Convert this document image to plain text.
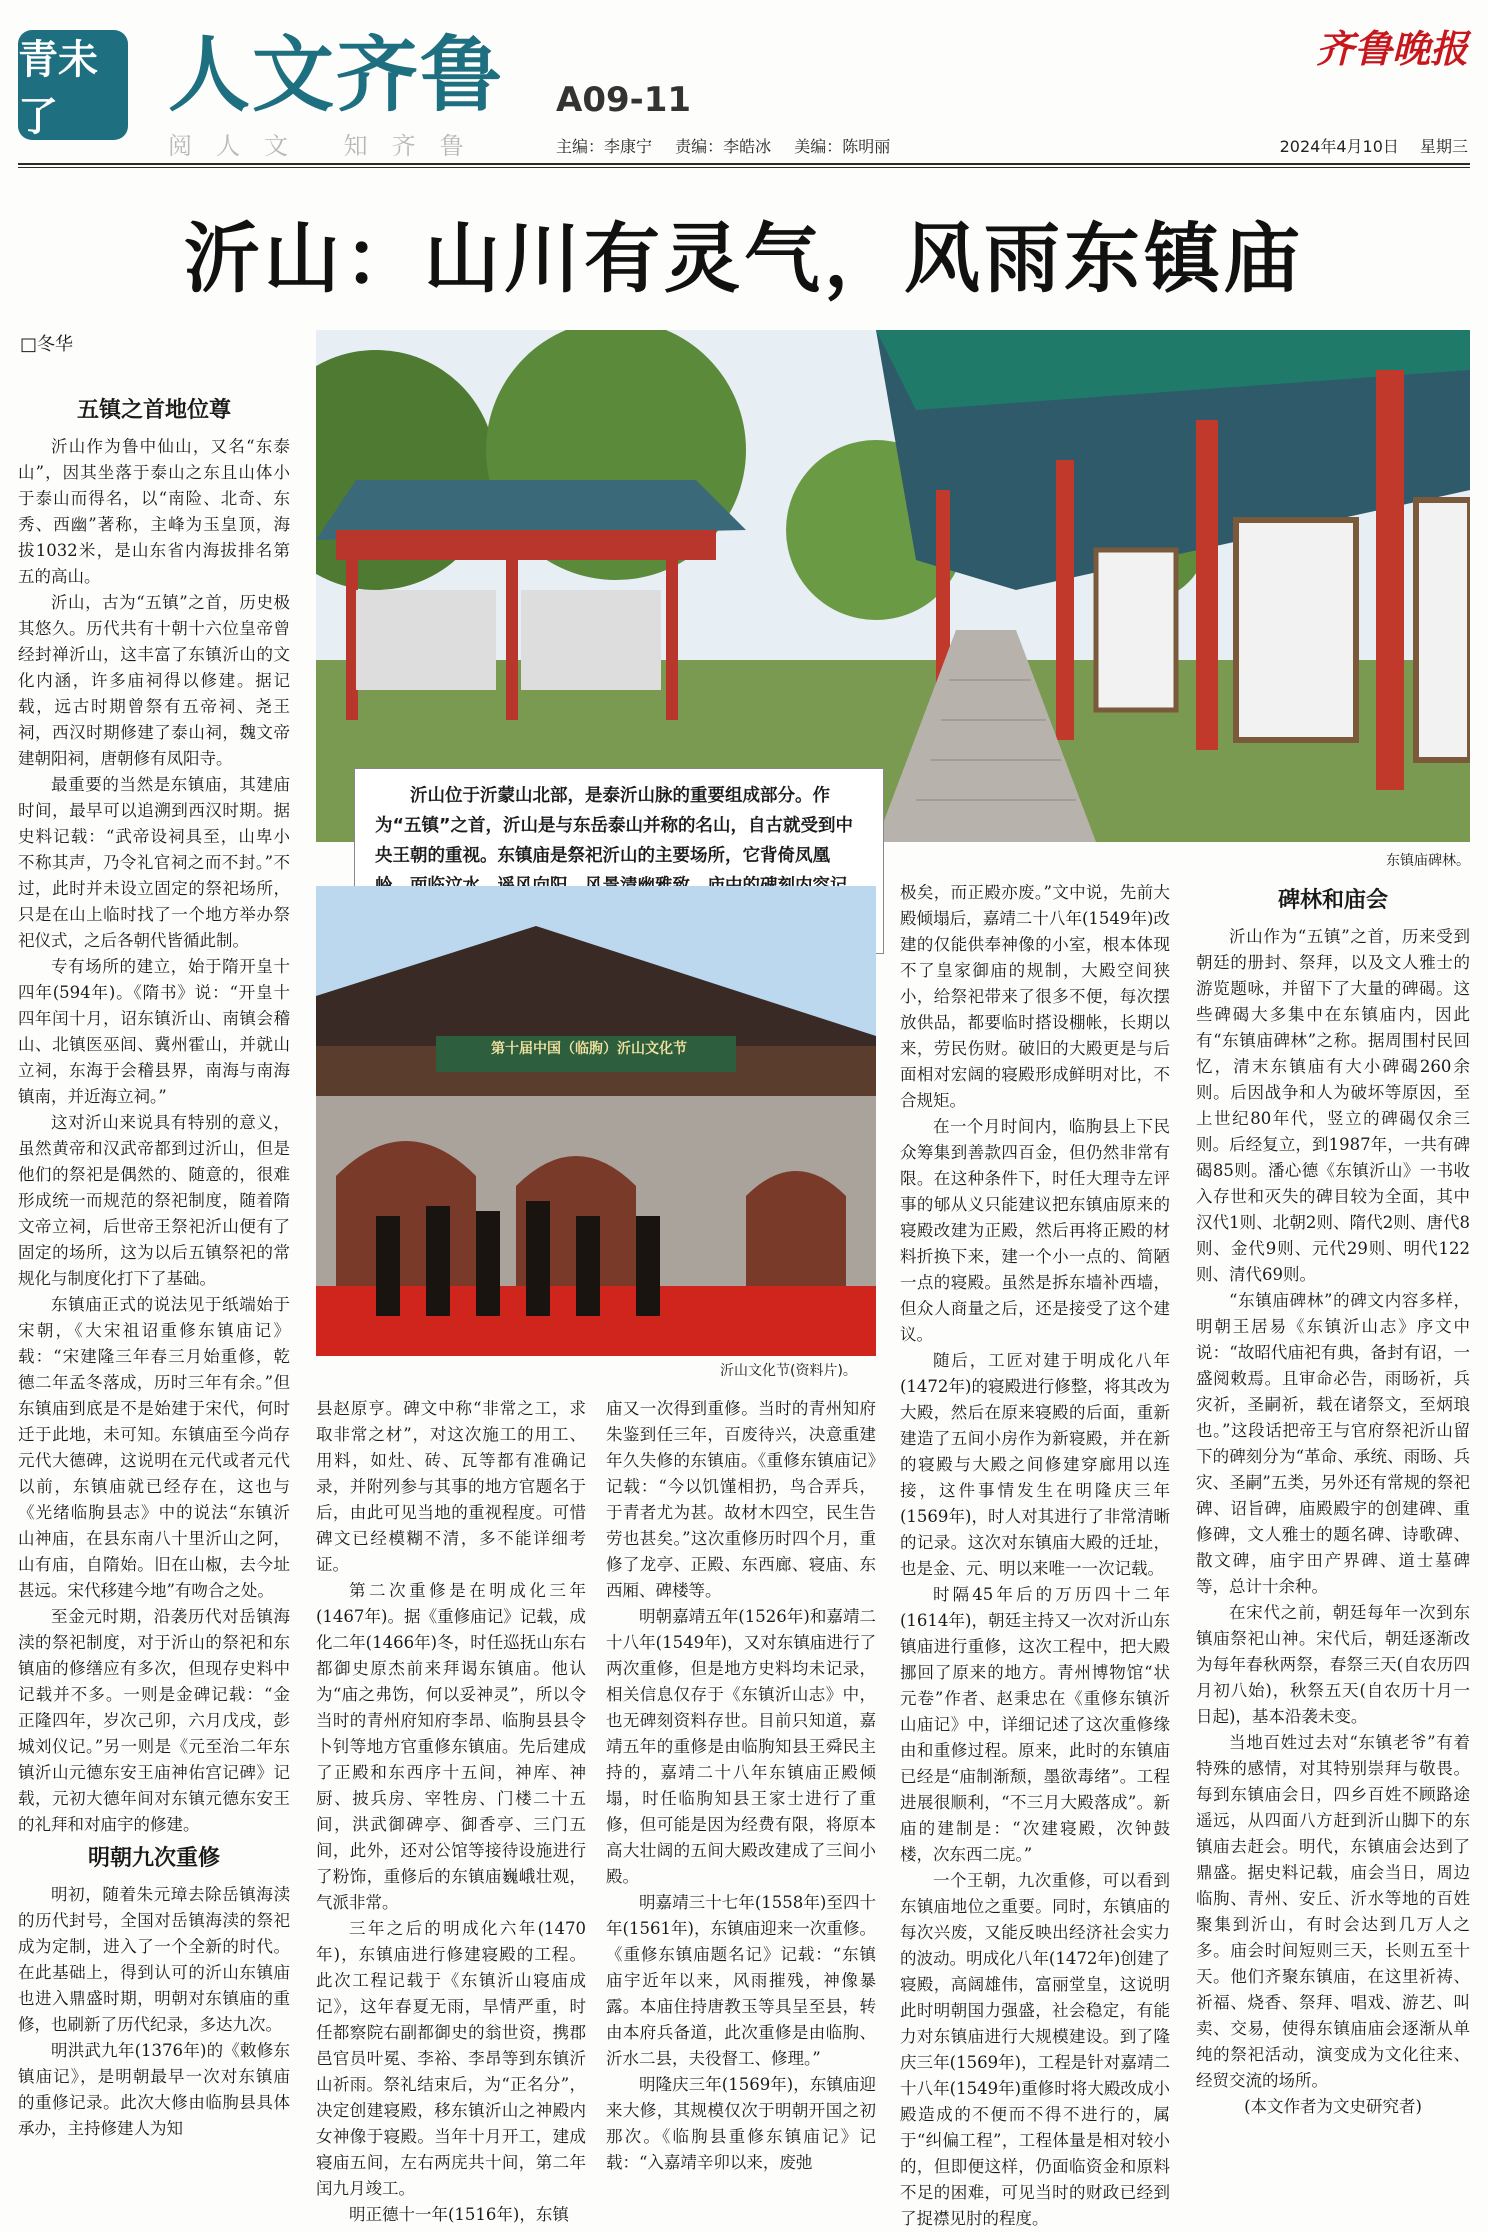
青未了	人文齐鲁 A09-11
阅人文 知齐鲁	主编：李康宁 责编：李皓冰 美编：陈明丽
齐鲁晚报
2024年4月10日 星期三
沂山：山川有灵气，风雨东镇庙
□冬华
东镇庙碑林。
沂山位于沂蒙山北部，是泰沂山脉的重要组成部分。作为“五镇”之首，沂山是与东岳泰山并称的名山，自古就受到中央王朝的重视。东镇庙是祭祀沂山的主要场所，它背倚凤凰
第十届中国（临朐）沂山文化节
沂山文化节(资料片)。
五镇之首地位尊

沂山作为鲁中仙山，又名“东泰山”，因其坐落于泰山之东且山体小于泰山而得名，以“南险、北奇、东秀、西幽”著称，主峰为玉皇顶，海拔1032米，是山东省内海拔排名第五的高山。

沂山，古为“五镇”之首，历史极其悠久。历代共有十朝十六位皇帝曾经封禅沂山，这丰富了东镇沂山的文化内涵，许多庙祠得以修建。据记载，远古时期曾祭有五帝祠、尧王祠，西汉时期修建了泰山祠，魏文帝建朝阳祠，唐朝修有凤阳寺。

最重要的当然是东镇庙，其建庙时间，最早可以追溯到西汉时期。据史料记载：“武帝设祠具至，山卑小不称其声，乃令礼官祠之而不封。”不过，此时并未设立固定的祭祀场所，只是在山上临时找了一个地方举办祭祀仪式，之后各朝代皆循此制。

专有场所的建立，始于隋开皇十四年(594年)。《隋书》说：“开皇十四年闰十月，诏东镇沂山、南镇会稽山、北镇医巫闾、冀州霍山，并就山立祠，东海于会稽县界，南海与南海镇南，并近海立祠。”

这对沂山来说具有特别的意义，虽然黄帝和汉武帝都到过沂山，但是他们的祭祀是偶然的、随意的，很难形成统一而规范的祭祀制度，随着隋文帝立祠，后世帝王祭祀沂山便有了固定的场所，这为以后五镇祭祀的常规化与制度化打下了基础。

东镇庙正式的说法见于纸端始于宋朝，《大宋祖诏重修东镇庙记》载：“宋建隆三年春三月始重修，乾德二年孟冬落成，历时三年有余。”但东镇庙到底是不是始建于宋代，何时迁于此地，未可知。东镇庙至今尚存元代大德碑，这说明在元代或者元代以前，东镇庙就已经存在，这也与《光绪临朐县志》中的说法“东镇沂山神庙，在县东南八十里沂山之阿，山有庙，自隋始。旧在山椒，去今址甚远。宋代移建今地”有吻合之处。

至金元时期，沿袭历代对岳镇海渎的祭祀制度，对于沂山的祭祀和东镇庙的修缮应有多次，但现存史料中记载并不多。一则是金碑记载：“金正隆四年，岁次己卯，六月戊戌，彭城刘仪记。”另一则是《元至治二年东镇沂山元德东安王庙神佑宫记碑》记载，元初大德年间对东镇元德东安王的礼拜和对庙宇的修建。

明朝九次重修

明初，随着朱元璋去除岳镇海渎的历代封号，全国对岳镇海渎的祭祀成为定制，进入了一个全新的时代。在此基础上，得到认可的沂山东镇庙也进入鼎盛时期，明朝对东镇庙的重修，也刷新了历代纪录，多达九次。

明洪武九年(1376年)的《敕修东镇庙记》，是明朝最早一次对东镇庙的重修记录。此次大修由临朐县具体承办，主持修建人为知

县赵原亨。碑文中称“非常之工，求取非常之材”，对这次施工的用工、用料，如灶、砖、瓦等都有准确记录，并附列参与其事的地方官题名于后，由此可见当地的重视程度。可惜碑文已经模糊不清，多不能详细考证。

第二次重修是在明成化三年(1467年)。据《重修庙记》记载，成化二年(1466年)冬，时任巡抚山东右都御史原杰前来拜谒东镇庙。他认为“庙之弗饬，何以妥神灵”，所以令当时的青州府知府李昂、临朐县县令卜钊等地方官重修东镇庙。先后建成了正殿和东西序十五间，神库、神厨、披兵房、宰牲房、门楼二十五间，洪武御碑亭、御香亭、三门五间，此外，还对公馆等接待设施进行了粉饰，重修后的东镇庙巍峨壮观，气派非常。

三年之后的明成化六年(1470年)，东镇庙进行修建寝殿的工程。此次工程记载于《东镇沂山寝庙成记》，这年春夏无雨，旱情严重，时任都察院右副都御史的翁世资，携郡邑官员叶冕、李裕、李昂等到东镇沂山祈雨。祭礼结束后，为“正名分”，决定创建寝殿，移东镇沂山之神殿内女神像于寝殿。当年十月开工，建成寝庙五间，左右两庑共十间，第二年闰九月竣工。

明正德十一年(1516年)，东镇

庙又一次得到重修。当时的青州知府朱鉴到任三年，百废待兴，决意重建年久失修的东镇庙。《重修东镇庙记》记载：“今以饥馑相扔，鸟合弄兵，于青者尤为甚。故材木四空，民生告劳也甚矣。”这次重修历时四个月，重修了龙亭、正殿、东西廊、寝庙、东西厢、碑楼等。

明朝嘉靖五年(1526年)和嘉靖二十八年(1549年)，又对东镇庙进行了两次重修，但是地方史料均未记录，相关信息仅存于《东镇沂山志》中，也无碑刻资料存世。目前只知道，嘉靖五年的重修是由临朐知县王舜民主持的，嘉靖二十八年东镇庙正殿倾塌，时任临朐知县王家士进行了重修，但可能是因为经费有限，将原本高大壮阔的五间大殿改建成了三间小殿。

明嘉靖三十七年(1558年)至四十年(1561年)，东镇庙迎来一次重修。《重修东镇庙题名记》记载：“东镇庙宇近年以来，风雨摧残，神像暴露。本庙住持唐教玉等具呈至县，转由本府兵备道，此次重修是由临朐、沂水二县，夫役督工、修理。”

明隆庆三年(1569年)，东镇庙迎来大修，其规模仅次于明朝开国之初那次。《临朐县重修东镇庙记》记载：“入嘉靖辛卯以来，废弛

极矣，而正殿亦废。”文中说，先前大殿倾塌后，嘉靖二十八年(1549年)改建的仅能供奉神像的小室，根本体现不了皇家御庙的规制，大殿空间狭小，给祭祀带来了很多不便，每次摆放供品，都要临时搭设棚帐，长期以来，劳民伤财。破旧的大殿更是与后面相对宏阔的寝殿形成鲜明对比，不合规矩。

在一个月时间内，临朐县上下民众筹集到善款四百金，但仍然非常有限。在这种条件下，时任大理寺左评事的郇从义只能建议把东镇庙原来的寝殿改建为正殿，然后再将正殿的材料折换下来，建一个小一点的、简陋一点的寝殿。虽然是拆东墙补西墙，但众人商量之后，还是接受了这个建议。

随后，工匠对建于明成化八年(1472年)的寝殿进行修整，将其改为大殿，然后在原来寝殿的后面，重新建造了五间小房作为新寝殿，并在新的寝殿与大殿之间修建穿廊用以连接，这件事情发生在明隆庆三年(1569年)，时人对其进行了非常清晰的记录。这次对东镇庙大殿的迁址，也是金、元、明以来唯一一次记载。

时隔45年后的万历四十二年(1614年)，朝廷主持又一次对沂山东镇庙进行重修，这次工程中，把大殿挪回了原来的地方。青州博物馆“状元卷”作者、赵秉忠在《重修东镇沂山庙记》中，详细记述了这次重修缘由和重修过程。原来，此时的东镇庙已经是“庙制渐颓，墨欲毒绪”。工程进展很顺利，“不三月大殿落成”。新庙的建制是：“次建寝殿，次钟鼓楼，次东西二庑。”

一个王朝，九次重修，可以看到东镇庙地位之重要。同时，东镇庙的每次兴废，又能反映出经济社会实力的波动。明成化八年(1472年)创建了寝殿，高阔雄伟，富丽堂皇，这说明此时明朝国力强盛，社会稳定，有能力对东镇庙进行大规模建设。到了隆庆三年(1569年)，工程是针对嘉靖二十八年(1549年)重修时将大殿改成小殿造成的不便而不得不进行的，属于“纠偏工程”，工程体量是相对较小的，但即便这样，仍面临资金和原料不足的困难，可见当时的财政已经到了捉襟见肘的程度。

碑林和庙会

沂山作为“五镇”之首，历来受到朝廷的册封、祭拜，以及文人雅士的游览题咏，并留下了大量的碑碣。这些碑碣大多集中在东镇庙内，因此有“东镇庙碑林”之称。据周围村民回忆，清末东镇庙有大小碑碣260余则。后因战争和人为破坏等原因，至上世纪80年代，竖立的碑碣仅余三则。后经复立，到1987年，一共有碑碣85则。潘心德《东镇沂山》一书收入存世和灭失的碑目较为全面，其中汉代1则、北朝2则、隋代2则、唐代8则、金代9则、元代29则、明代122则、清代69则。

“东镇庙碑林”的碑文内容多样，明朝王居易《东镇沂山志》序文中说：“故昭代庙祀有典，备封有诏，一盛阅敕焉。且审命必告，雨旸祈，兵灾祈，圣嗣祈，载在诸祭文，至炳琅也。”这段话把帝王与官府祭祀沂山留下的碑刻分为“革命、承统、雨旸、兵灾、圣嗣”五类，另外还有常规的祭祀碑、诏旨碑，庙殿殿宇的创建碑、重修碑，文人雅士的题名碑、诗歌碑、散文碑，庙宇田产界碑、道士墓碑等，总计十余种。

在宋代之前，朝廷每年一次到东镇庙祭祀山神。宋代后，朝廷逐渐改为每年春秋两祭，春祭三天(自农历四月初八始)，秋祭五天(自农历十月一日起)，基本沿袭未变。

当地百姓过去对“东镇老爷”有着特殊的感情，对其特别崇拜与敬畏。每到东镇庙会日，四乡百姓不顾路途遥远，从四面八方赶到沂山脚下的东镇庙去赶会。明代，东镇庙会达到了鼎盛。据史料记载，庙会当日，周边临朐、青州、安丘、沂水等地的百姓聚集到沂山，有时会达到几万人之多。庙会时间短则三天，长则五至十天。他们齐聚东镇庙，在这里祈祷、祈福、烧香、祭拜、唱戏、游艺、叫卖、交易，使得东镇庙庙会逐渐从单纯的祭祀活动，演变成为文化往来、经贸交流的场所。

(本文作者为文史研究者)
